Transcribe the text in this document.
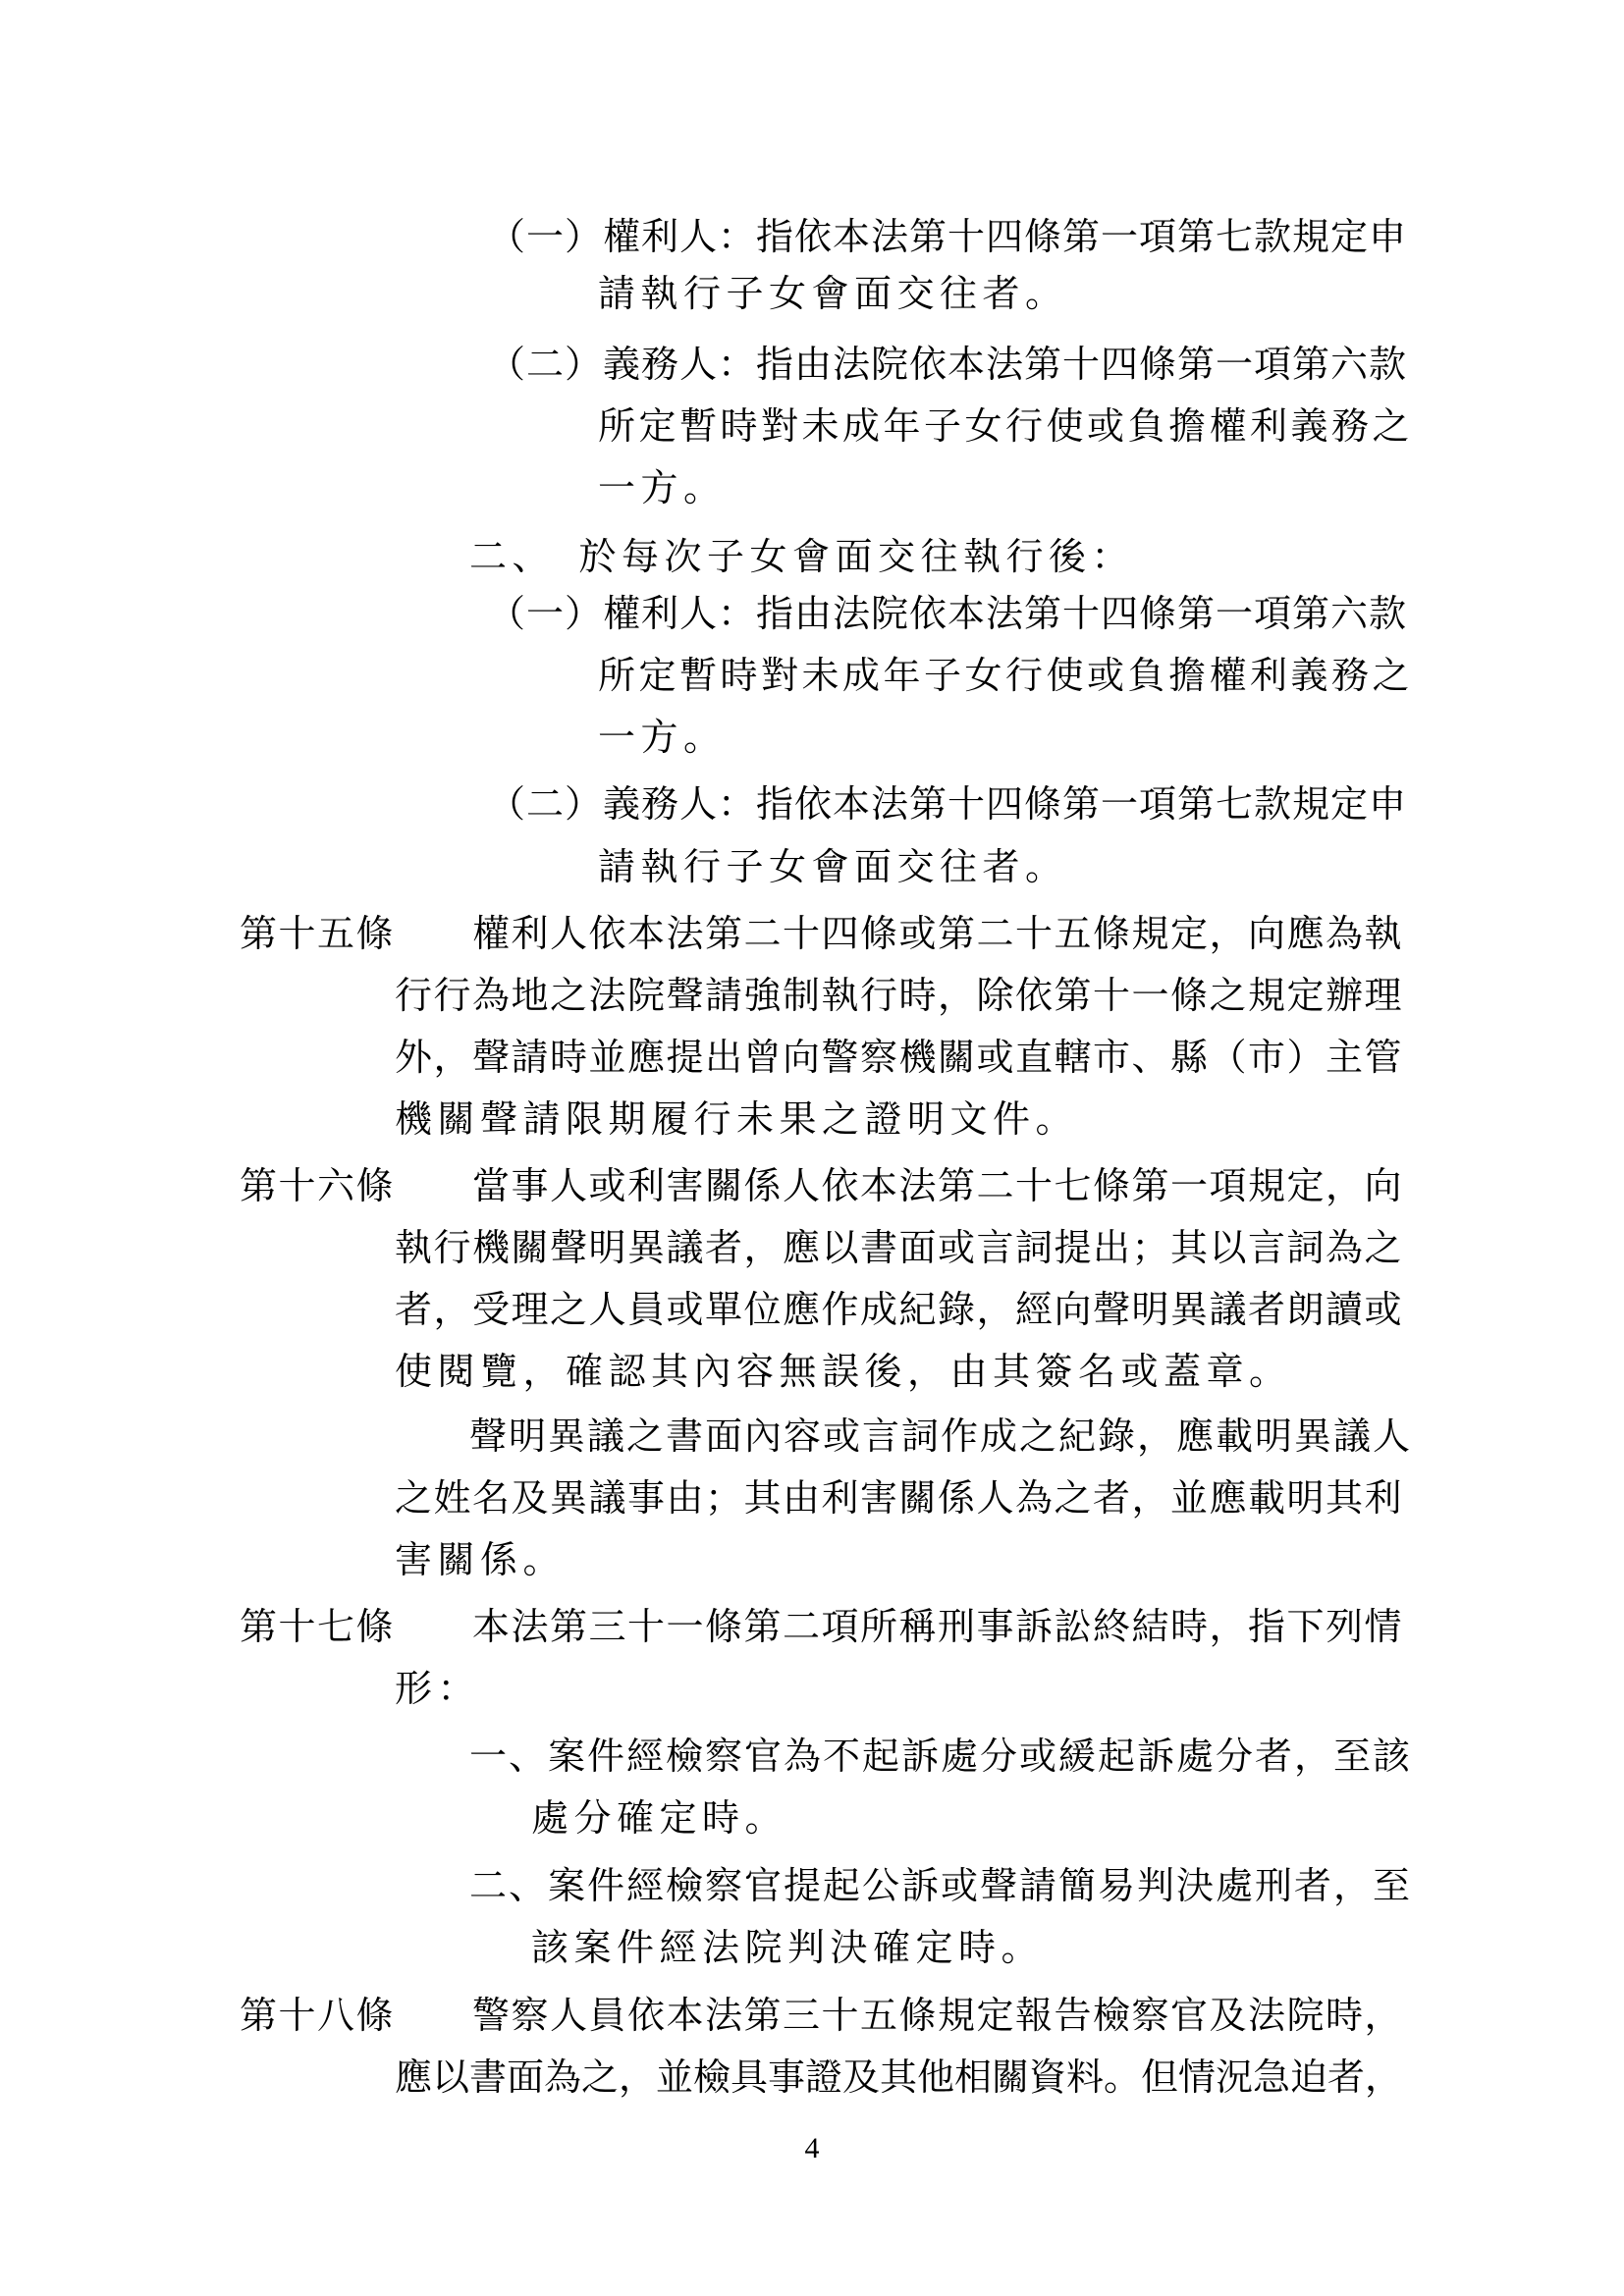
（一）權利人：指依本法第十四條第一項第七款規定申
請執行子女會面交往者。
（二）義務人：指由法院依本法第十四條第一項第六款
所定暫時對未成年子女行使或負擔權利義務之
一方。
二、　於每次子女會面交往執行後：
（一）權利人：指由法院依本法第十四條第一項第六款
所定暫時對未成年子女行使或負擔權利義務之
一方。
（二）義務人：指依本法第十四條第一項第七款規定申
請執行子女會面交往者。
第十五條　　權利人依本法第二十四條或第二十五條規定，向應為執
行行為地之法院聲請強制執行時，除依第十一條之規定辦理
外，聲請時並應提出曾向警察機關或直轄市、縣（市）主管
機關聲請限期履行未果之證明文件。
第十六條　　當事人或利害關係人依本法第二十七條第一項規定，向
執行機關聲明異議者，應以書面或言詞提出；其以言詞為之
者，受理之人員或單位應作成紀錄，經向聲明異議者朗讀或
使閱覽，確認其內容無誤後，由其簽名或蓋章。
聲明異議之書面內容或言詞作成之紀錄，應載明異議人
之姓名及異議事由；其由利害關係人為之者，並應載明其利
害關係。
第十七條　　本法第三十一條第二項所稱刑事訴訟終結時，指下列情
形：
一、案件經檢察官為不起訴處分或緩起訴處分者，至該
處分確定時。
二、案件經檢察官提起公訴或聲請簡易判決處刑者，至
該案件經法院判決確定時。
第十八條　　警察人員依本法第三十五條規定報告檢察官及法院時，
應以書面為之，並檢具事證及其他相關資料。但情況急迫者，
4
